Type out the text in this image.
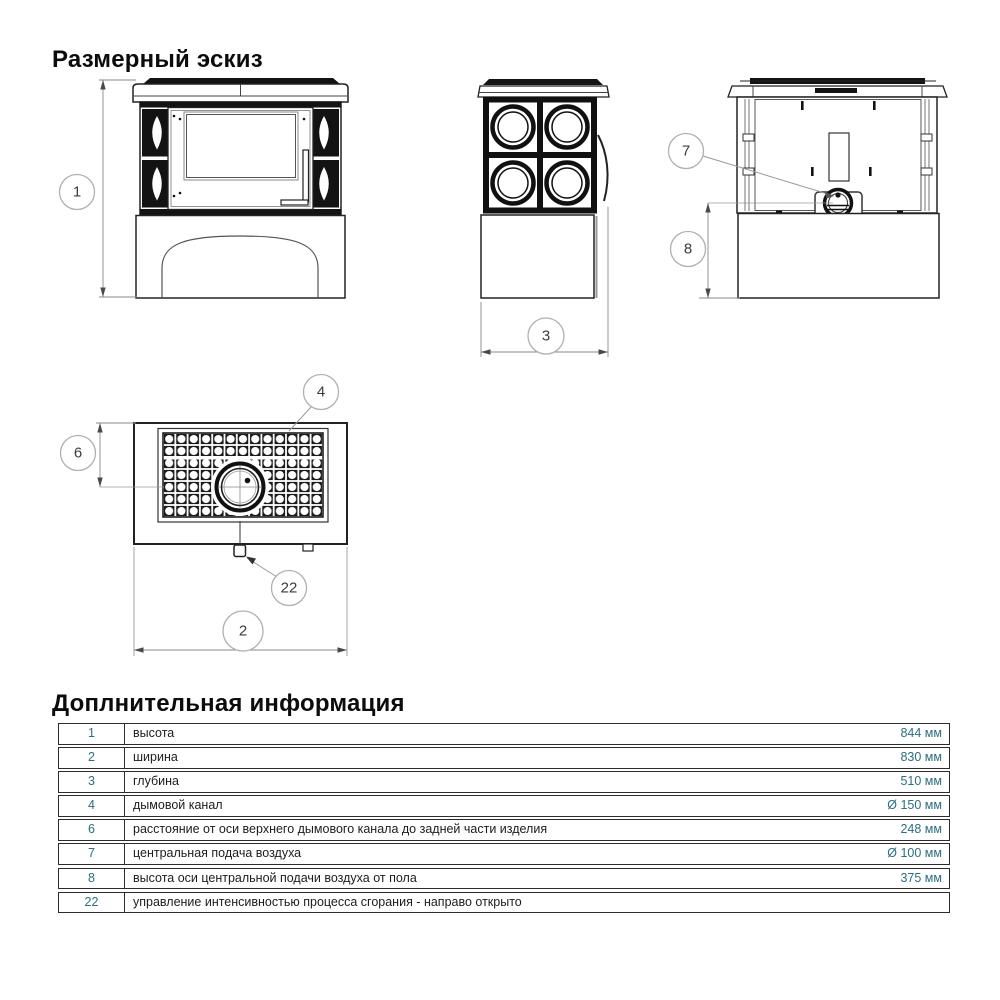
Размерный эскиз
1
3
7
8
4
6
22
2
Доплнительная информация
1	высота	844 мм
2	ширина	830 мм
3	глубина	510 мм
4	дымовой канал	Ø 150 мм
6	расстояние от оси верхнего дымового канала до задней части изделия	248 мм
7	центральная подача воздуха	Ø 100 мм
8	высота оси центральной подачи воздуха от пола	375 мм
22	управление интенсивностью процесса сгорания - направо открыто
